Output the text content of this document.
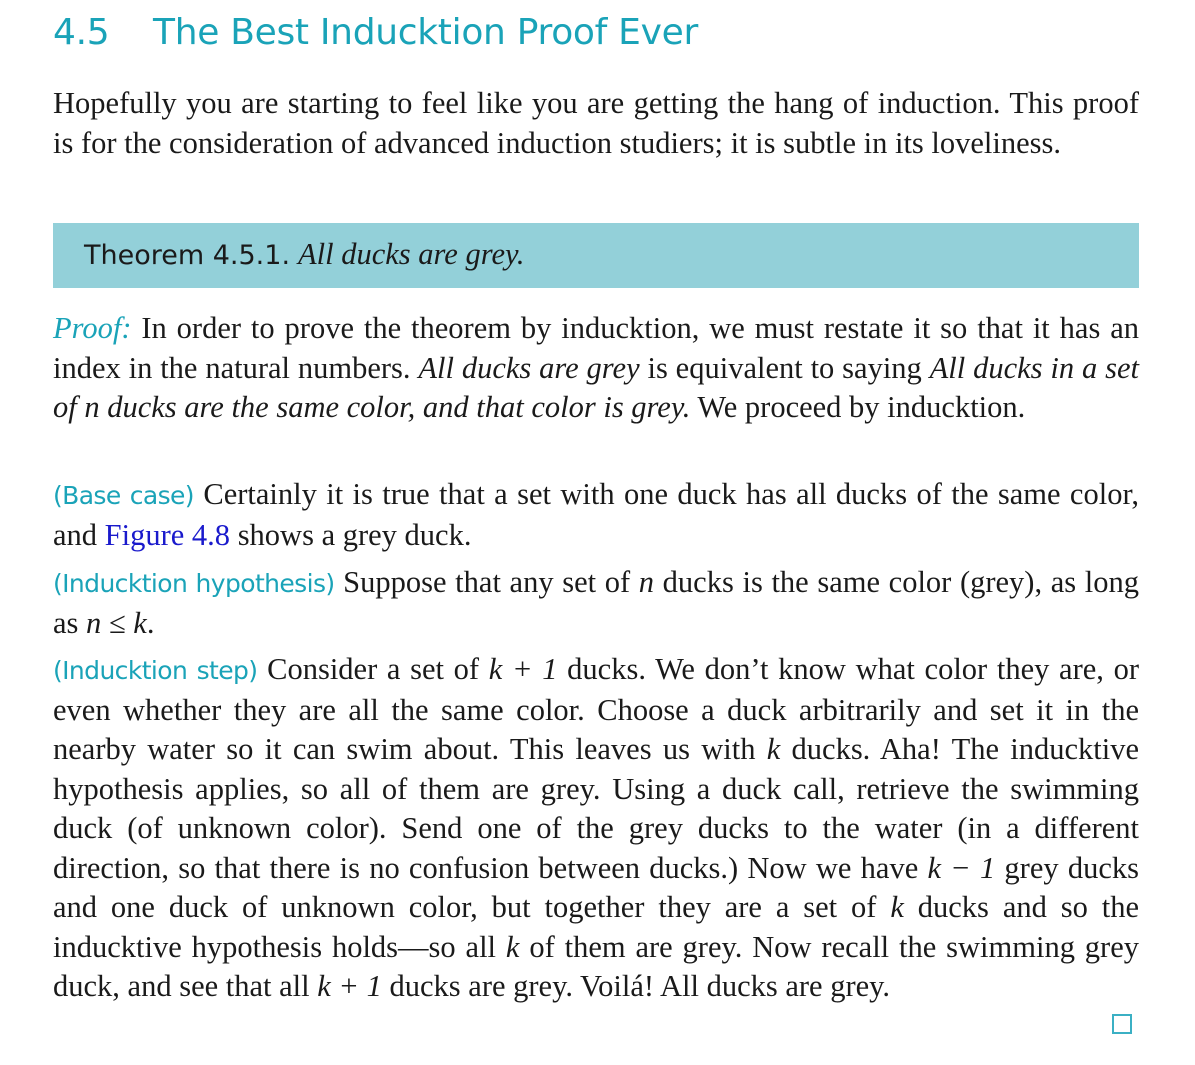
4.5 The Best Inducktion Proof Ever

Hopefully you are starting to feel like you are getting the hang of induction. This proof is for the consideration of advanced induction studiers; it is subtle in its loveliness.

Theorem 4.5.1. All ducks are grey.

Proof: In order to prove the theorem by inducktion, we must restate it so that it has an index in the natural numbers. All ducks are grey is equivalent to saying All ducks in a set of n ducks are the same color, and that color is grey. We proceed by inducktion.

(Base case) Certainly it is true that a set with one duck has all ducks of the same color, and Figure 4.8 shows a grey duck.

(Inducktion hypothesis) Suppose that any set of n ducks is the same color (grey), as long as n ≤ k.

(Inducktion step) Consider a set of k + 1 ducks. We don’t know what color they are, or even whether they are all the same color. Choose a duck arbitrarily and set it in the nearby water so it can swim about. This leaves us with k ducks. Aha! The inducktive hypothesis applies, so all of them are grey. Using a duck call, retrieve the swimming duck (of unknown color). Send one of the grey ducks to the water (in a different direction, so that there is no confusion between ducks.) Now we have k − 1 grey ducks and one duck of unknown color, but together they are a set of k ducks and so the inducktive hypothesis holds—so all k of them are grey. Now recall the swimming grey duck, and see that all k + 1 ducks are grey. Voilá! All ducks are grey.
